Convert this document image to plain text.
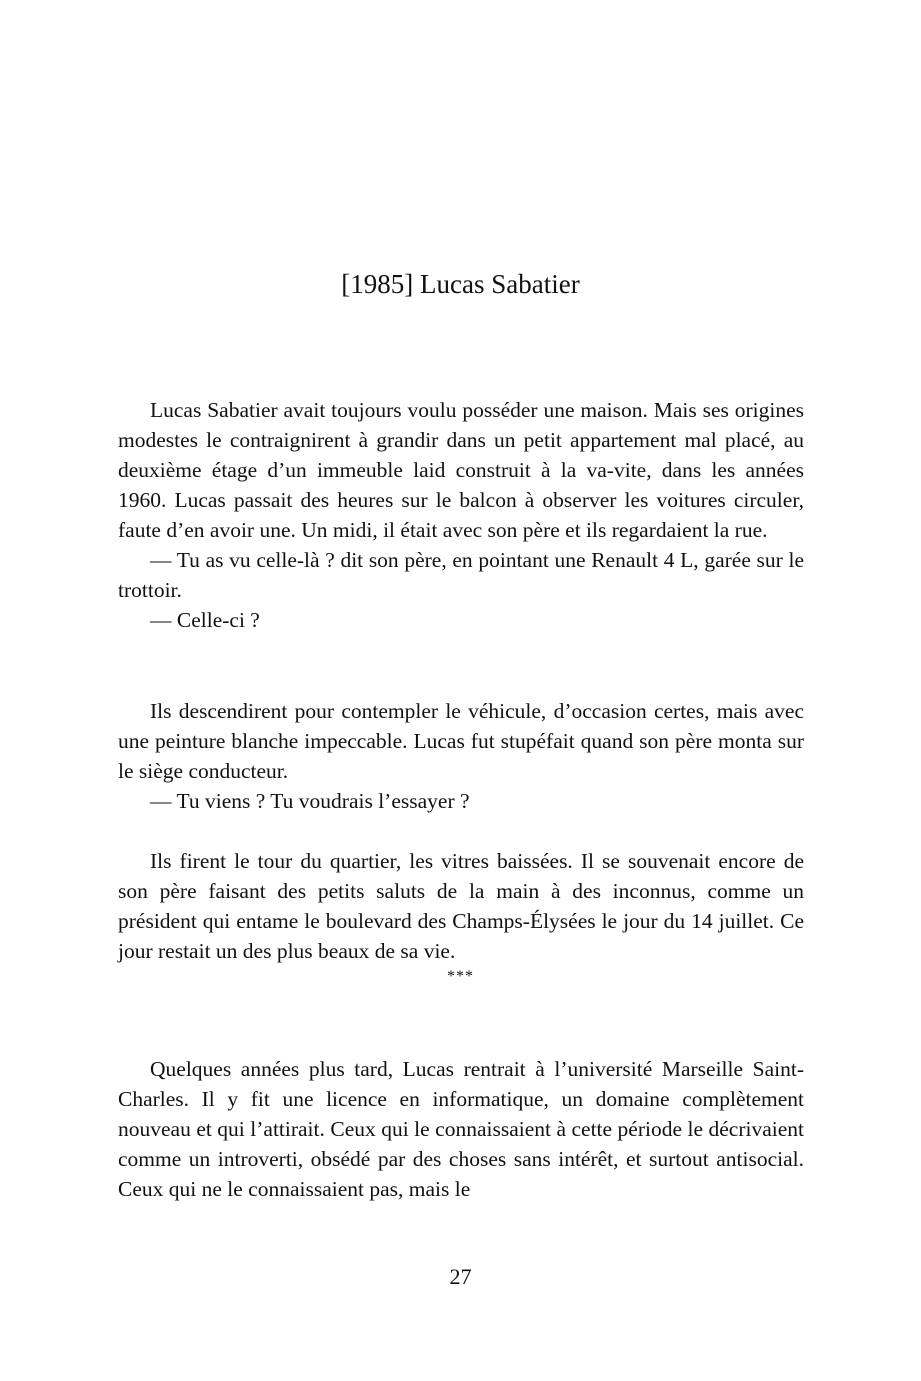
[1985] Lucas Sabatier

Lucas Sabatier avait toujours voulu posséder une maison. Mais ses origines modestes le contraignirent à grandir dans un petit appartement mal placé, au deuxième étage d’un immeuble laid construit à la va-vite, dans les années 1960. Lucas passait des heures sur le balcon à observer les voitures circuler, faute d’en avoir une. Un midi, il était avec son père et ils regardaient la rue.

— Tu as vu celle-là ? dit son père, en pointant une Renault 4 L, garée sur le trottoir.

— Celle-ci ?

Ils descendirent pour contempler le véhicule, d’occasion certes, mais avec une peinture blanche impeccable. Lucas fut stupéfait quand son père monta sur le siège conducteur.

— Tu viens ? Tu voudrais l’essayer ?

Ils firent le tour du quartier, les vitres baissées. Il se souvenait encore de son père faisant des petits saluts de la main à des inconnus, comme un président qui entame le boulevard des Champs-Élysées le jour du 14 juillet. Ce jour restait un des plus beaux de sa vie.

***

Quelques années plus tard, Lucas rentrait à l’université Marseille Saint-Charles. Il y fit une licence en informatique, un domaine complètement nouveau et qui l’attirait. Ceux qui le connaissaient à cette période le décrivaient comme un introverti, obsédé par des choses sans intérêt, et surtout antisocial. Ceux qui ne le connaissaient pas, mais le

27
